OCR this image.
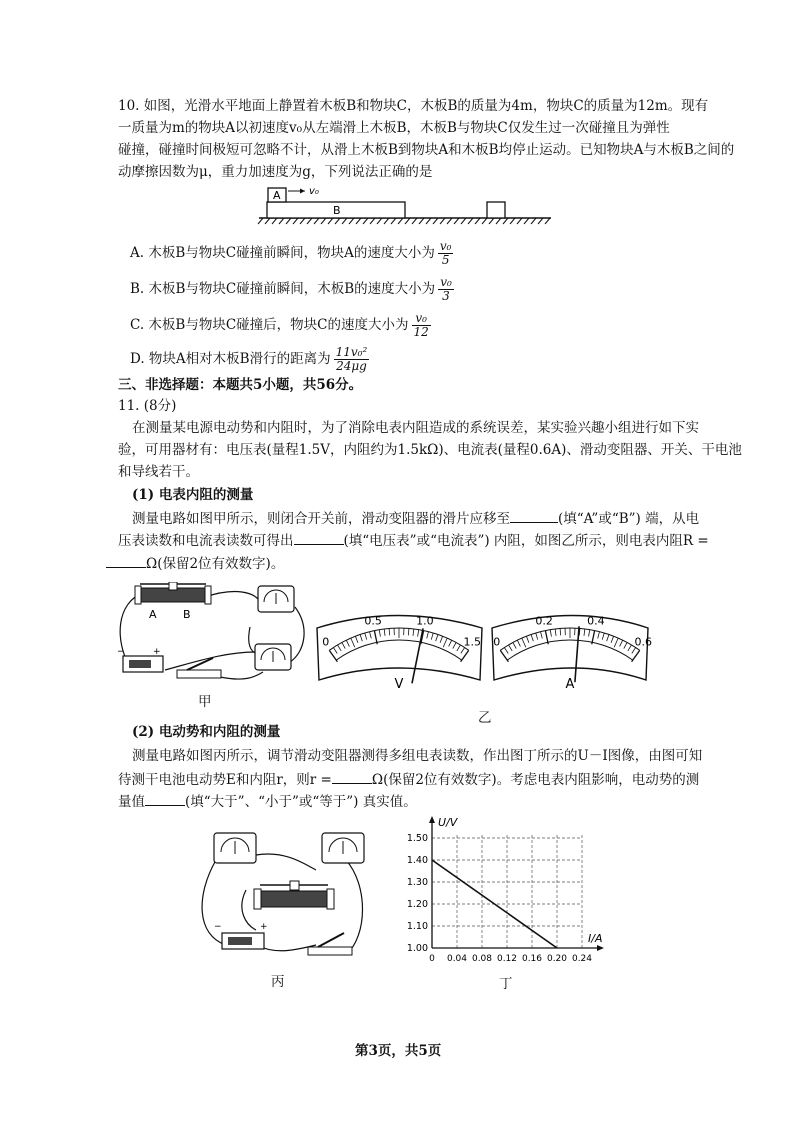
10. 如图，光滑水平地面上静置着木板B和物块C，木板B的质量为4m，物块C的质量为12m。现有
一质量为m的物块A以初速度v₀从左端滑上木板B，木板B与物块C仅发生过一次碰撞且为弹性
碰撞，碰撞时间极短可忽略不计，从滑上木板B到物块A和木板B均停止运动。已知物块A与木板B之间的
动摩擦因数为μ，重力加速度为g，下列说法正确的是
A	v₀
B
A. 木板B与物块C碰撞前瞬间，物块A的速度大小为 $\frac{\text{v₀}}{5}$
B. 木板B与物块C碰撞前瞬间，木板B的速度大小为 $\frac{\text{v₀}}{3}$
C. 木板B与物块C碰撞后，物块C的速度大小为 $\frac{\text{v₀}}{12}$
D. 物块A相对木板B滑行的距离为 $\frac{\text{11v₀²}}{24\mu g}$
三、非选择题：本题共5小题，共56分。
11. (8分)
在测量某电源电动势和内阻时，为了消除电表内阻造成的系统误差，某实验兴趣小组进行如下实
验，可用器材有：电压表(量程1.5V，内阻约为1.5kΩ)、电流表(量程0.6A)、滑动变阻器、开关、干电池
和导线若干。
(1) 电表内阻的测量
测量电路如图甲所示，则闭合开关前，滑动变阻器的滑片应移至	(填“A”或“B”) 端，从电
压表读数和电流表读数可得出	(填“电压表”或“电流表”) 内阻，如图乙所示，则电表内阻R =
Ω(保留2位有效数字)。
A B
+
−
甲
0
0.5	1.0
1.5
V
0
0.2	0.4
0.6
A
乙
(2) 电动势和内阻的测量
测量电路如图丙所示，调节滑动变阻器测得多组电表读数，作出图丁所示的U－I图像，由图可知
待测干电池电动势E和内阻r，则r =	Ω(保留2位有效数字)。考虑电表内阻影响，电动势的测
量值	(填“大于”、“小于”或“等于”) 真实值。
+
−
丙
0 0.04 0.08 0.12 0.16 0.20 0.24
1.00
1.10
1.20
1.30
1.40
1.50
I/A
U/V
丁
第3页，共5页
